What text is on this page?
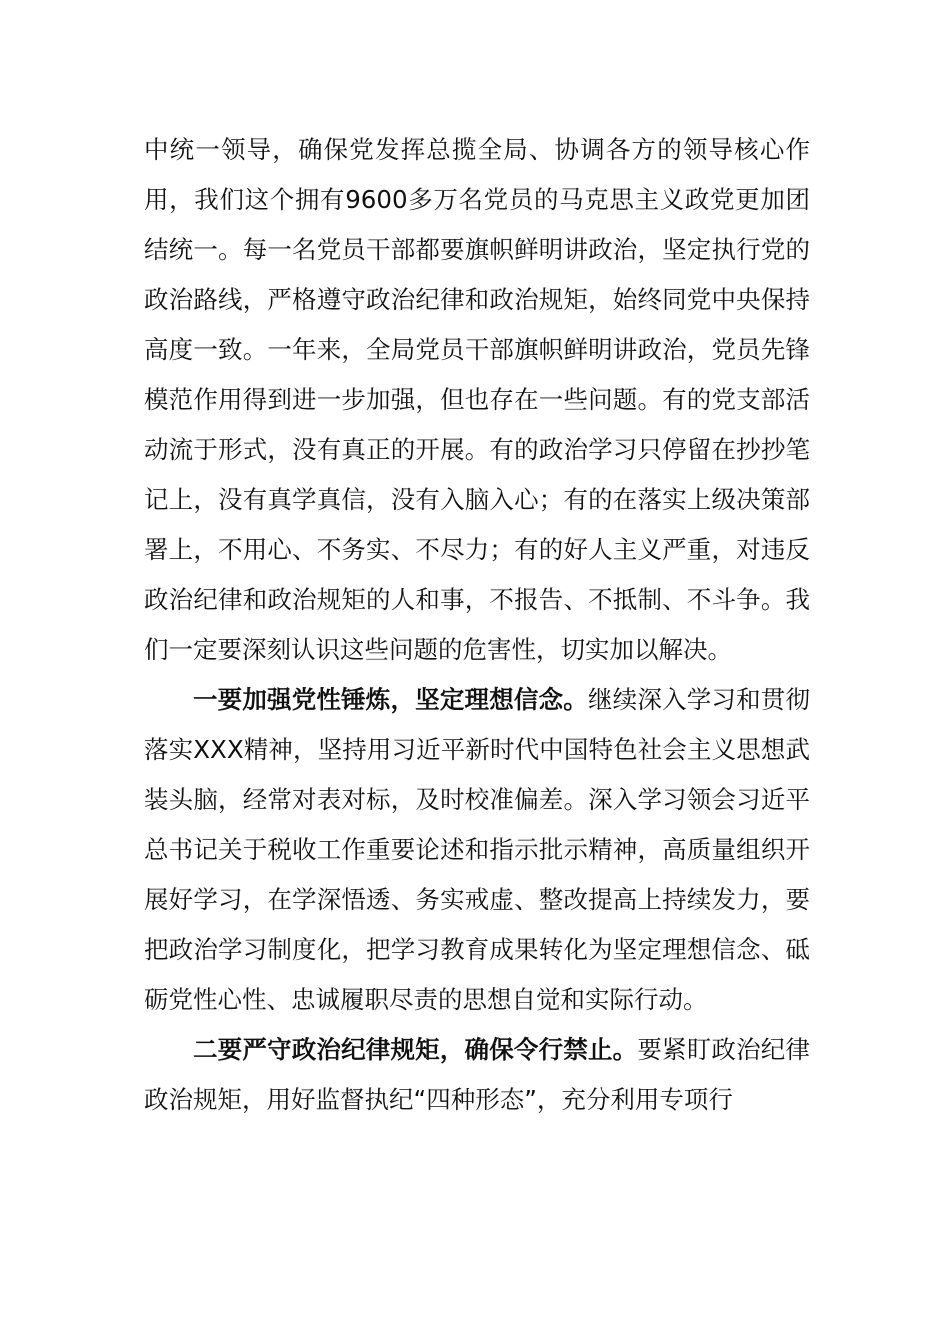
中统一领导，确保党发挥总揽全局、协调各方的领导核心作用，我们这个拥有9600多万名党员的马克思主义政党更加团结统一。每一名党员干部都要旗帜鲜明讲政治，坚定执行党的政治路线，严格遵守政治纪律和政治规矩，始终同党中央保持高度一致。一年来，全局党员干部旗帜鲜明讲政治，党员先锋模范作用得到进一步加强，但也存在一些问题。有的党支部活动流于形式，没有真正的开展。有的政治学习只停留在抄抄笔记上，没有真学真信，没有入脑入心；有的在落实上级决策部署上，不用心、不务实、不尽力；有的好人主义严重，对违反政治纪律和政治规矩的人和事，不报告、不抵制、不斗争。我们一定要深刻认识这些问题的危害性，切实加以解决。

一要加强党性锤炼，坚定理想信念。继续深入学习和贯彻落实XXX精神，坚持用习近平新时代中国特色社会主义思想武装头脑，经常对表对标，及时校准偏差。深入学习领会习近平总书记关于税收工作重要论述和指示批示精神，高质量组织开展好学习，在学深悟透、务实戒虚、整改提高上持续发力，要把政治学习制度化，把学习教育成果转化为坚定理想信念、砥砺党性心性、忠诚履职尽责的思想自觉和实际行动。

二要严守政治纪律规矩，确保令行禁止。要紧盯政治纪律政治规矩，用好监督执纪“四种形态”，充分利用专项行
